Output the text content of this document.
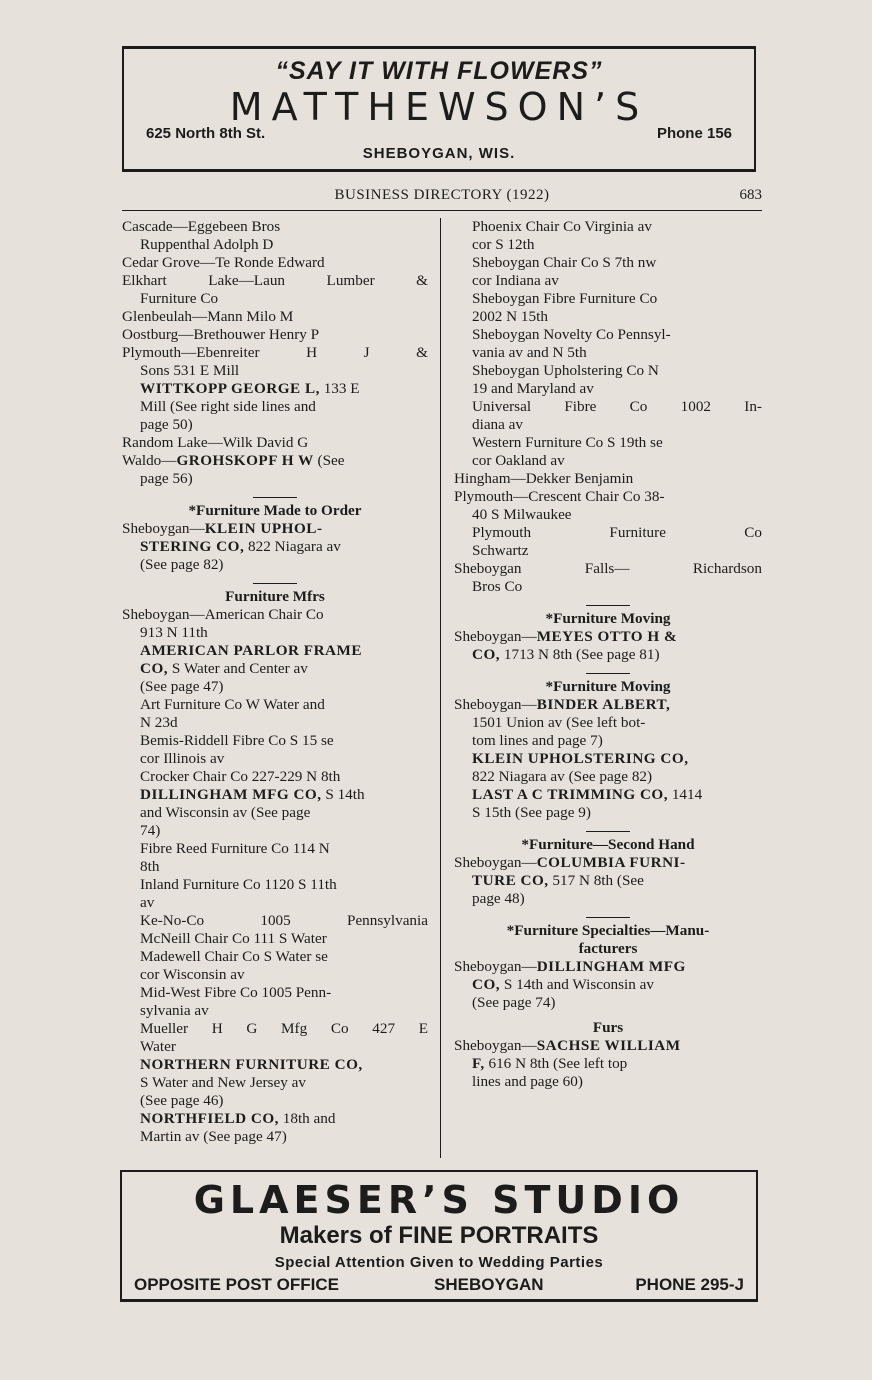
“SAY IT WITH FLOWERS”
MATTHEWSON’S
625 North 8th St.	Phone 156
SHEBOYGAN, WIS.
BUSINESS DIRECTORY (1922)	683
Cascade—Eggebeen Bros
Ruppenthal Adolph D
Cedar Grove—Te Ronde Edward
Elkhart Lake—Laun Lumber &
Furniture Co
Glenbeulah—Mann Milo M
Oostburg—Brethouwer Henry P
Plymouth—Ebenreiter H J &
Sons 531 E Mill
WITTKOPP GEORGE L, 133 E
Mill (See right side lines and
page 50)
Random Lake—Wilk David G
Waldo—GROHSKOPF H W (See
page 56)
*Furniture Made to Order
Sheboygan—KLEIN UPHOL-
STERING CO, 822 Niagara av
(See page 82)
Furniture Mfrs
Sheboygan—American Chair Co
913 N 11th
AMERICAN PARLOR FRAME
CO, S Water and Center av
(See page 47)
Art Furniture Co W Water and
N 23d
Bemis-Riddell Fibre Co S 15 se
cor Illinois av
Crocker Chair Co 227-229 N 8th
DILLINGHAM MFG CO, S 14th
and Wisconsin av (See page
74)
Fibre Reed Furniture Co 114 N
8th
Inland Furniture Co 1120 S 11th
av
Ke-No-Co 1005 Pennsylvania
McNeill Chair Co 111 S Water
Madewell Chair Co S Water se
cor Wisconsin av
Mid-West Fibre Co 1005 Penn-
sylvania av
Mueller H G Mfg Co 427 E
Water
NORTHERN FURNITURE CO,
S Water and New Jersey av
(See page 46)
NORTHFIELD CO, 18th and
Martin av (See page 47)
Phoenix Chair Co Virginia av
cor S 12th
Sheboygan Chair Co S 7th nw
cor Indiana av
Sheboygan Fibre Furniture Co
2002 N 15th
Sheboygan Novelty Co Pennsyl-
vania av and N 5th
Sheboygan Upholstering Co N
19 and Maryland av
Universal Fibre Co 1002 In-
diana av
Western Furniture Co S 19th se
cor Oakland av
Hingham—Dekker Benjamin
Plymouth—Crescent Chair Co 38-
40 S Milwaukee
Plymouth Furniture Co
Schwartz
Sheboygan Falls— Richardson
Bros Co
*Furniture Moving
Sheboygan—MEYES OTTO H &
CO, 1713 N 8th (See page 81)
*Furniture Moving
Sheboygan—BINDER ALBERT,
1501 Union av (See left bot-
tom lines and page 7)
KLEIN UPHOLSTERING CO,
822 Niagara av (See page 82)
LAST A C TRIMMING CO, 1414
S 15th (See page 9)
*Furniture—Second Hand
Sheboygan—COLUMBIA FURNI-
TURE CO, 517 N 8th (See
page 48)
*Furniture Specialties—Manu-
facturers
Sheboygan—DILLINGHAM MFG
CO, S 14th and Wisconsin av
(See page 74)
Furs
Sheboygan—SACHSE WILLIAM
F, 616 N 8th (See left top
lines and page 60)
GLAESER’S STUDIO
Makers of FINE PORTRAITS
Special Attention Given to Wedding Parties
OPPOSITE POST OFFICE	SHEBOYGAN	PHONE 295-J
